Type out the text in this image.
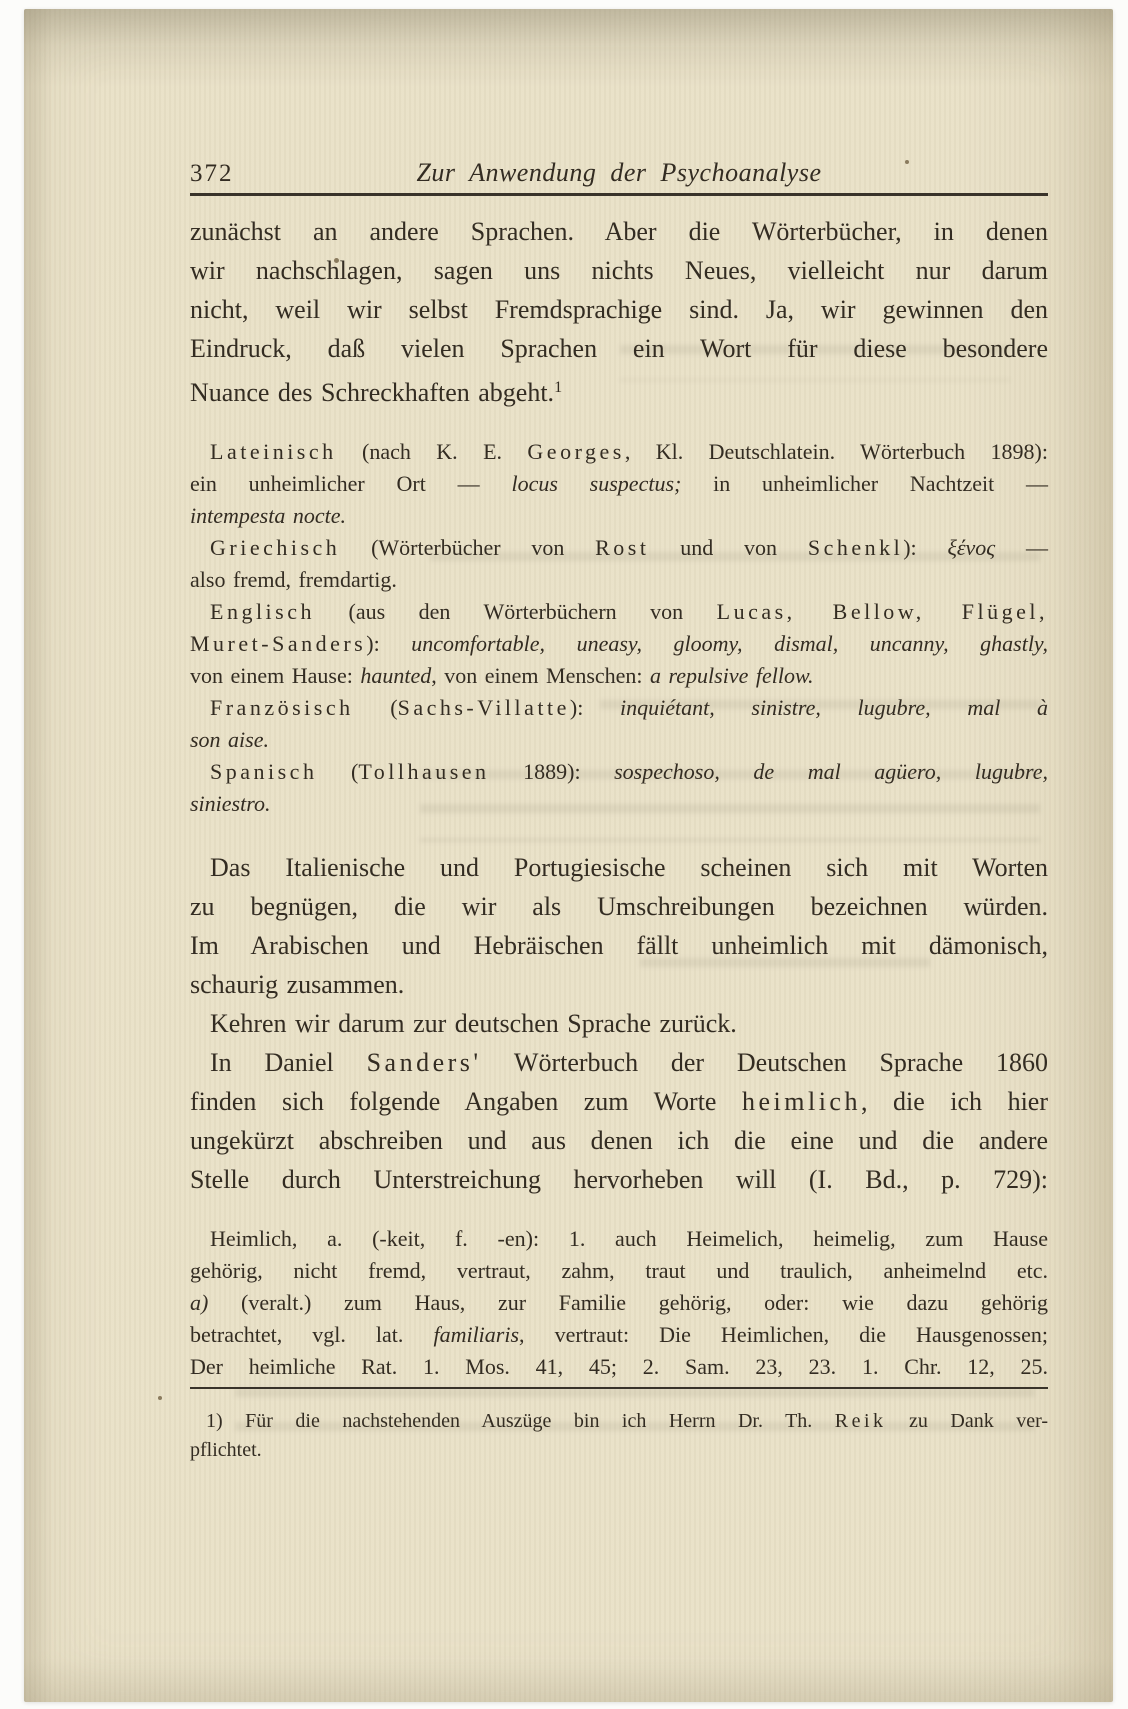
372	Zur Anwendung der Psychoanalyse
zunächst an andere Sprachen. Aber die Wörterbücher, in denen
wir nachschlagen, sagen uns nichts Neues, vielleicht nur darum
nicht, weil wir selbst Fremdsprachige sind. Ja, wir gewinnen den
Eindruck, daß vielen Sprachen ein Wort für diese besondere
Nuance des Schreckhaften abgeht.$^1$
Lateinisch (nach K. E. Georges, Kl. Deutschlatein. Wörterbuch 1898):
ein unheimlicher Ort — locus suspectus; in unheimlicher Nachtzeit —
intempesta nocte.
Griechisch (Wörterbücher von Rost und von Schenkl): ξένος —
also fremd, fremdartig.
Englisch (aus den Wörterbüchern von Lucas, Bellow, Flügel,
Muret-Sanders): uncomfortable, uneasy, gloomy, dismal, uncanny, ghastly,
von einem Hause: haunted, von einem Menschen: a repulsive fellow.
Französisch (Sachs-Villatte): inquiétant, sinistre, lugubre, mal à
son aise.
Spanisch (Tollhausen 1889): sospechoso, de mal agüero, lugubre,
siniestro.
Das Italienische und Portugiesische scheinen sich mit Worten
zu begnügen, die wir als Umschreibungen bezeichnen würden.
Im Arabischen und Hebräischen fällt unheimlich mit dämonisch,
schaurig zusammen.
Kehren wir darum zur deutschen Sprache zurück.
In Daniel Sanders' Wörterbuch der Deutschen Sprache 1860
finden sich folgende Angaben zum Worte heimlich, die ich hier
ungekürzt abschreiben und aus denen ich die eine und die andere
Stelle durch Unterstreichung hervorheben will (I. Bd., p. 729):
Heimlich, a. (-keit, f. -en): 1. auch Heimelich, heimelig, zum Hause
gehörig, nicht fremd, vertraut, zahm, traut und traulich, anheimelnd etc.
a) (veralt.) zum Haus, zur Familie gehörig, oder: wie dazu gehörig
betrachtet, vgl. lat. familiaris, vertraut: Die Heimlichen, die Hausgenossen;
Der heimliche Rat. 1. Mos. 41, 45; 2. Sam. 23, 23. 1. Chr. 12, 25.
1) Für die nachstehenden Auszüge bin ich Herrn Dr. Th. Reik zu Dank ver-
pflichtet.
